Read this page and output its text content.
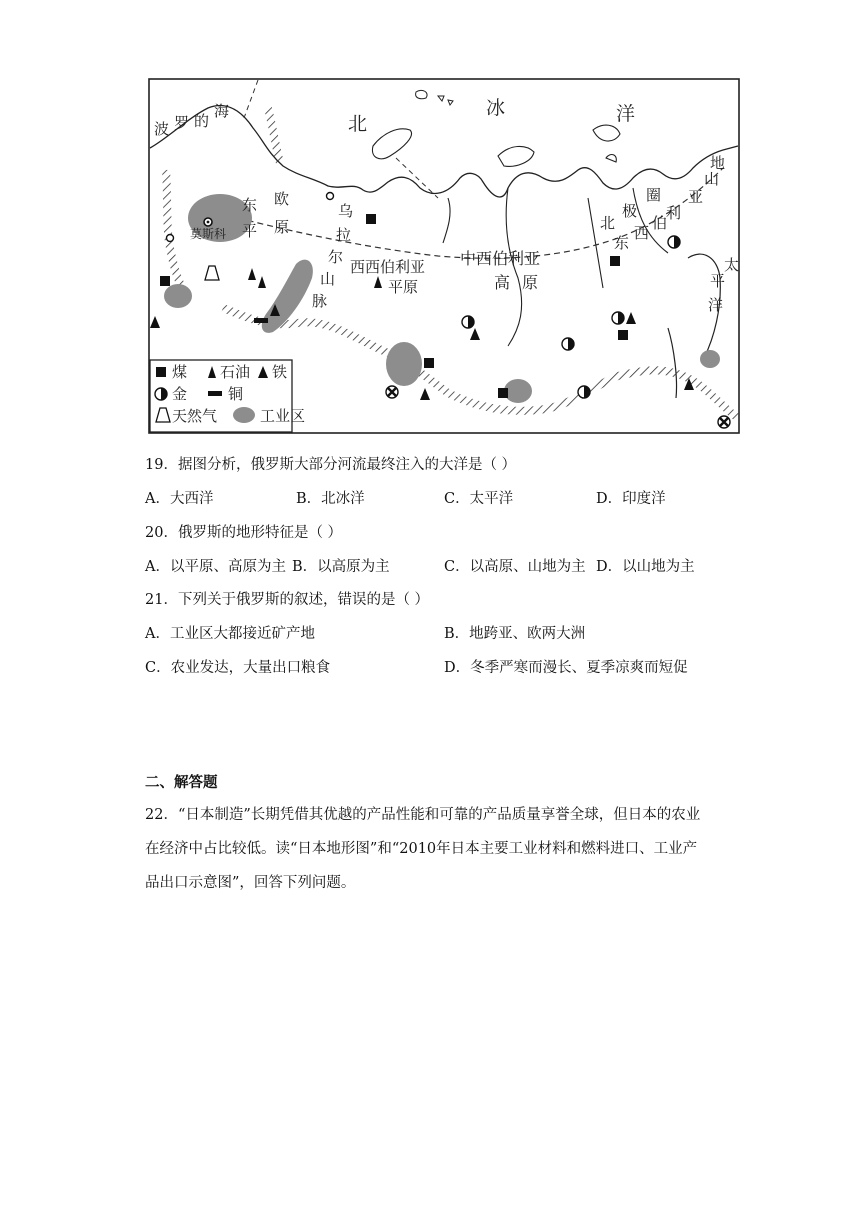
波 罗 的
海
北
冰	洋
莫斯科
东 欧
平 原
乌
拉
尔
山
脉
西西伯利亚
平原
中西伯利亚
高 原
北
极
圈
东
西
伯
利
亚
山
地
太
平
洋
煤 石油 铁
金	铜
天然气	工业区
19．据图分析，俄罗斯大部分河流最终注入的大洋是（ ）
A．大西洋	B．北冰洋	C．太平洋	D．印度洋
20．俄罗斯的地形特征是（ ）
A．以平原、高原为主 B．以高原为主	C．以高原、山地为主 D．以山地为主
21．下列关于俄罗斯的叙述，错误的是（ ）
A．工业区大都接近矿产地	B．地跨亚、欧两大洲
C．农业发达，大量出口粮食	D．冬季严寒而漫长、夏季凉爽而短促
二、解答题
22．“日本制造”长期凭借其优越的产品性能和可靠的产品质量享誉全球，但日本的农业
在经济中占比较低。读“日本地形图”和“2010年日本主要工业材料和燃料进口、工业产
品出口示意图”，回答下列问题。
